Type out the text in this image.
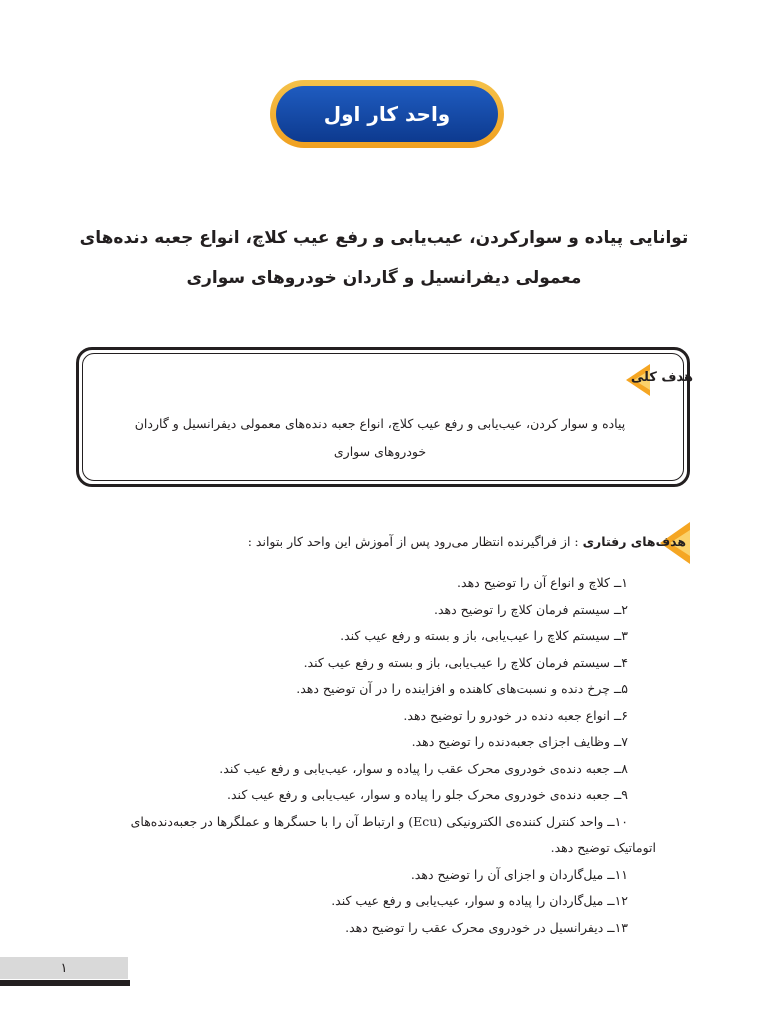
واحد کار اول
توانایی پیاده و سوارکردن، عیب‌یابی و رفع عیب کلاچ، انواع جعبه دنده‌های
معمولی دیفرانسیل و گاردان خودروهای سواری
هدف کلی
پیاده و سوار کردن، عیب‌یابی و رفع عیب کلاچ، انواع جعبه دنده‌های معمولی دیفرانسیل و گاردان
خودروهای سواری
هدف‌های رفتاری : از فراگیرنده انتظار می‌رود پس از آموزش این واحد کار بتواند :
۱ــ کلاچ و انواع آن را توضیح دهد.
۲ــ سیستم فرمان کلاچ را توضیح دهد.
۳ــ سیستم کلاچ را عیب‌یابی، باز و بسته و رفع عیب کند.
۴ــ سیستم فرمان کلاچ را عیب‌یابی، باز و بسته و رفع عیب کند.
۵ــ چرخ دنده و نسبت‌های کاهنده و افزاینده را در آن توضیح دهد.
۶ــ انواع جعبه دنده در خودرو را توضیح دهد.
۷ــ وظایف اجزای جعبه‌دنده را توضیح دهد.
۸ــ جعبه دنده‌ی خودروی محرک عقب را پیاده و سوار، عیب‌یابی و رفع عیب کند.
۹ــ جعبه دنده‌ی خودروی محرک جلو را پیاده و سوار، عیب‌یابی و رفع عیب کند.
۱۰ــ واحد کنترل کننده‌ی الکترونیکی (Ecu) و ارتباط آن را با حسگرها و عملگرها در جعبه‌دنده‌های
اتوماتیک توضیح دهد.
۱۱ــ میل‌گاردان و اجزای آن را توضیح دهد.
۱۲ــ میل‌گاردان را پیاده و سوار، عیب‌یابی و رفع عیب کند.
۱۳ــ دیفرانسیل در خودروی محرک عقب را توضیح دهد.
۱
